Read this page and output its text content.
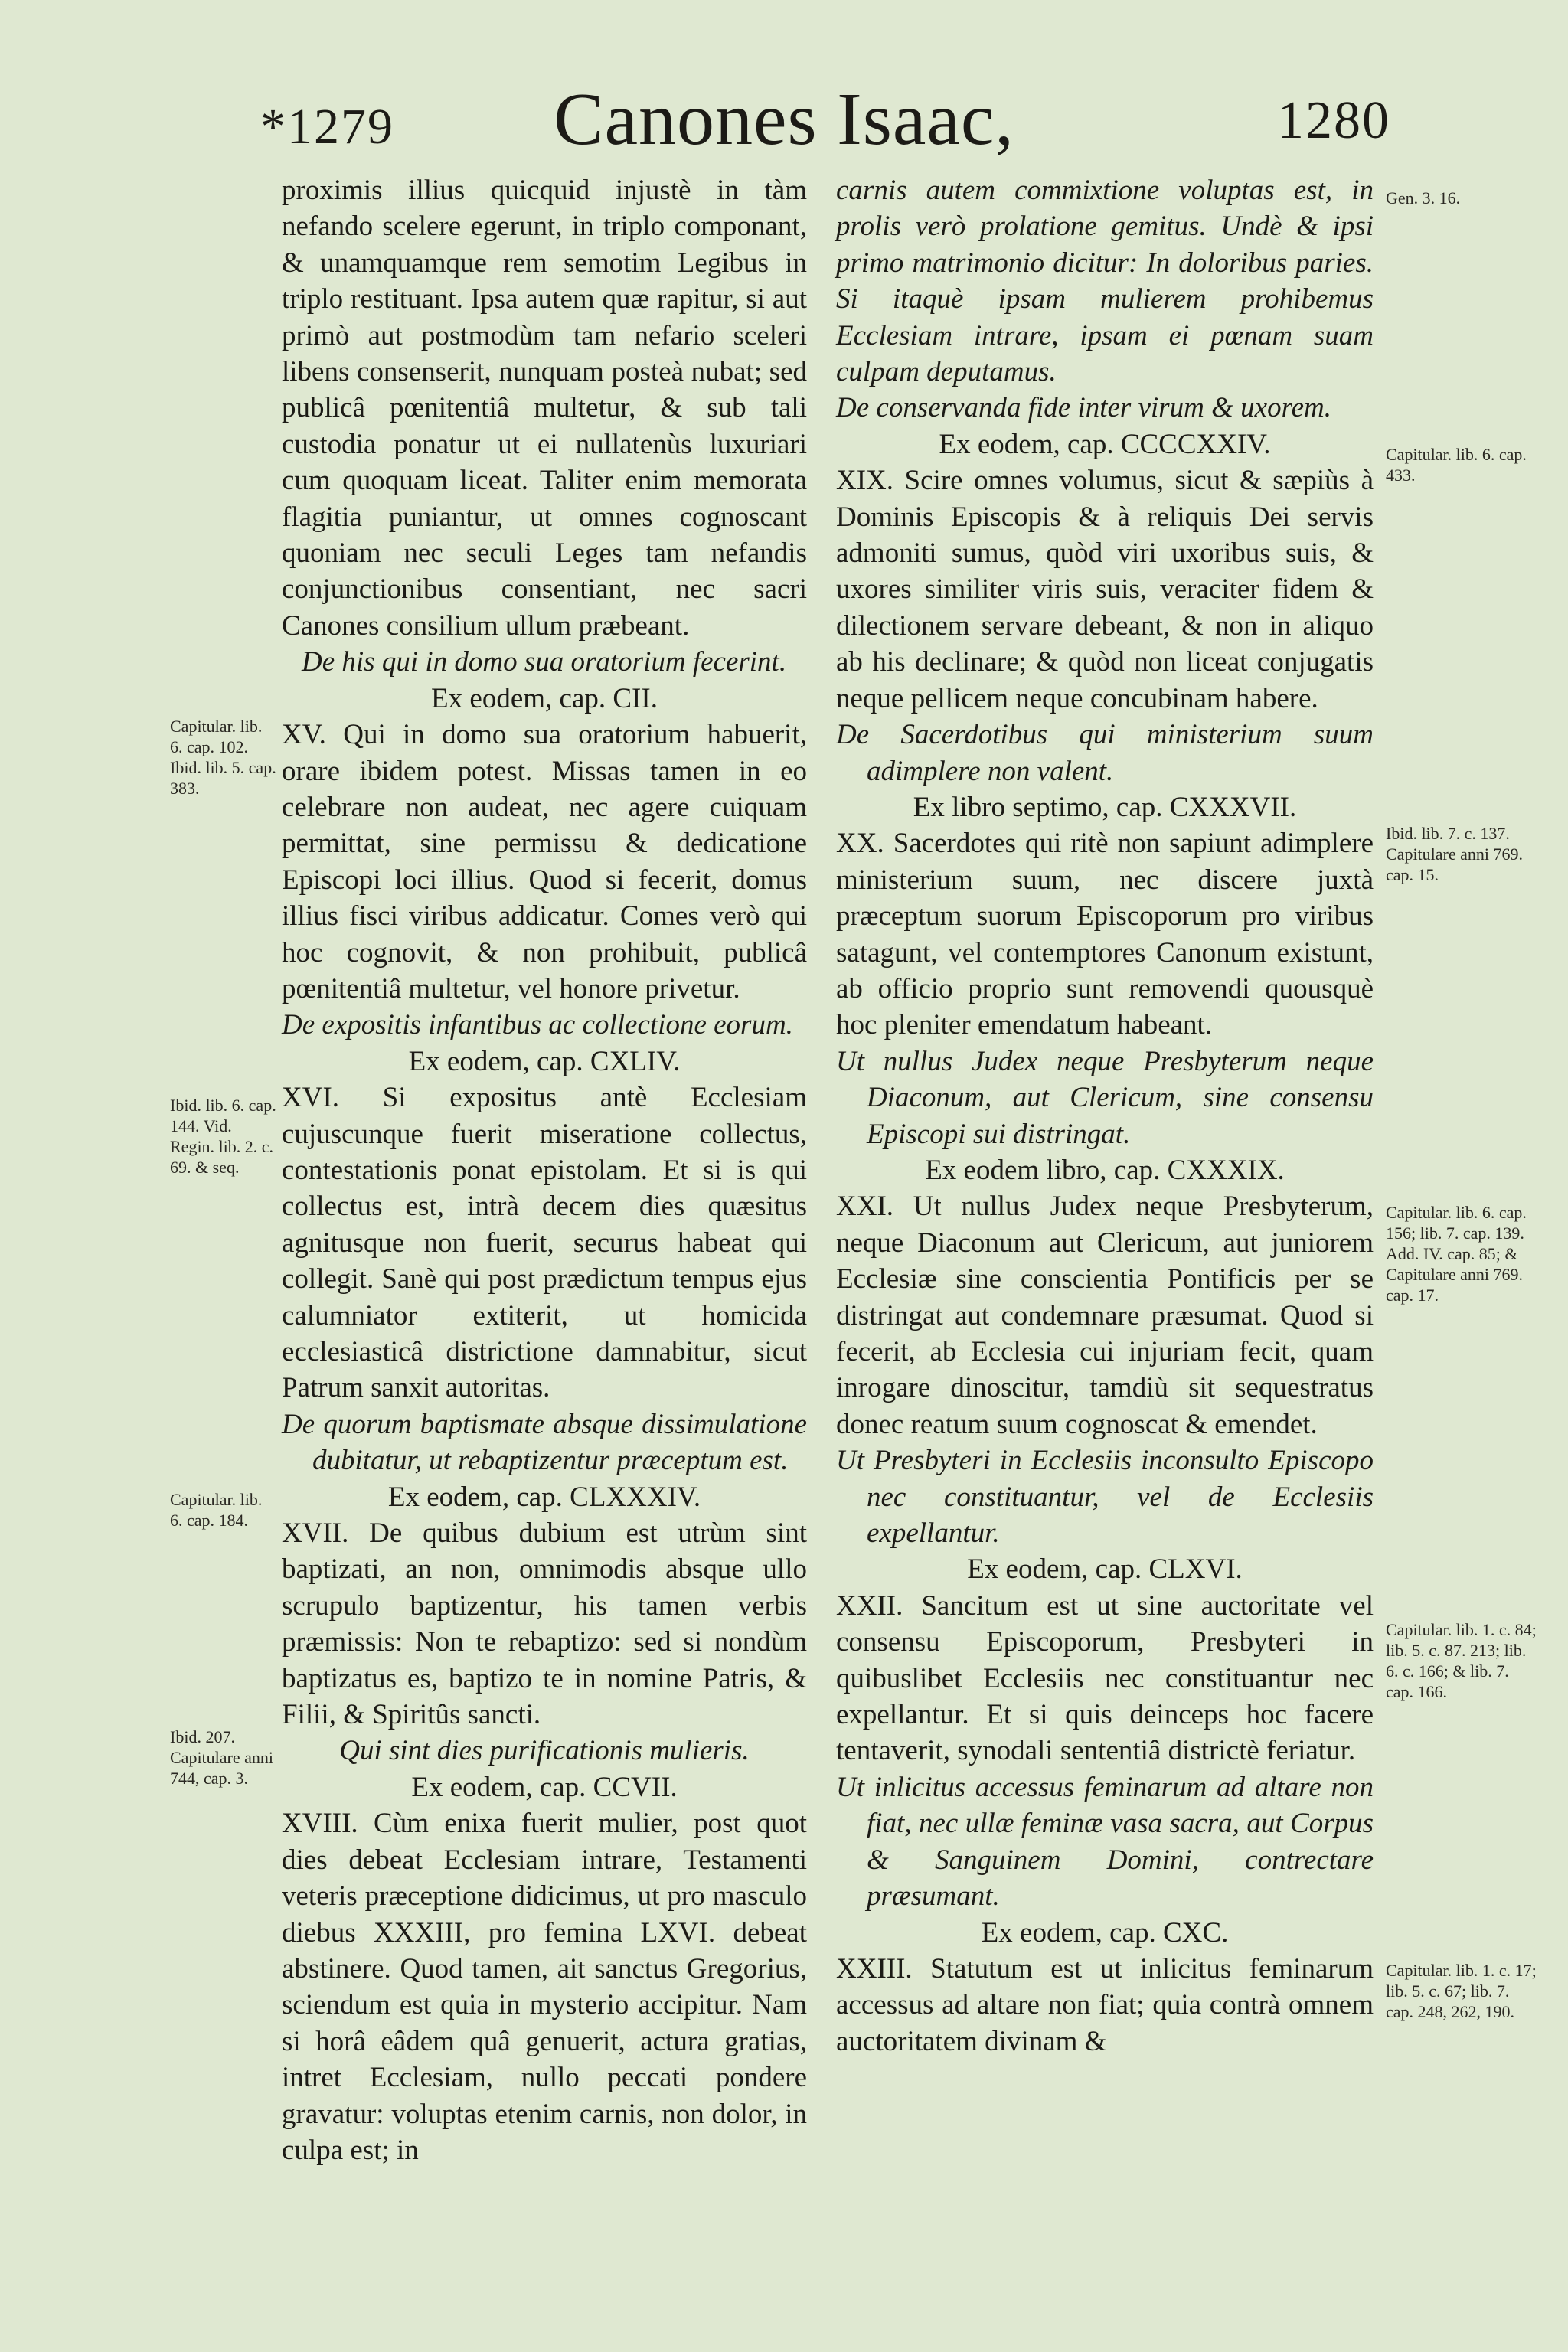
*1279	Canones Isaac,	1280

proximis illius quicquid injustè in tàm nefando scelere egerunt, in triplo componant, & unamquamque rem semotim Legibus in triplo restituant. Ipsa autem quæ rapitur, si aut primò aut postmodùm tam nefario sceleri libens consenserit, nunquam posteà nubat; sed publicâ pœnitentiâ multetur, & sub tali custodia ponatur ut ei nullatenùs luxuriari cum quoquam liceat. Taliter enim memorata flagitia puniantur, ut omnes cognoscant quoniam nec seculi Leges tam nefandis conjunctionibus consentiant, nec sacri Canones consilium ullum præbeant.

De his qui in domo sua oratorium fecerint.

Ex eodem, cap. CII.

XV. Qui in domo sua oratorium habuerit, orare ibidem potest. Missas tamen in eo celebrare non audeat, nec agere cuiquam permittat, sine permissu & dedicatione Episcopi loci illius. Quod si fecerit, domus illius fisci viribus addicatur. Comes verò qui hoc cognovit, & non prohibuit, publicâ pœnitentiâ multetur, vel honore privetur.

De expositis infantibus ac collectione eorum.

Ex eodem, cap. CXLIV.

XVI. Si expositus antè Ecclesiam cujuscunque fuerit miseratione collectus, contestationis ponat epistolam. Et si is qui collectus est, intrà decem dies quæsitus agnitusque non fuerit, securus habeat qui collegit. Sanè qui post prædictum tempus ejus calumniator extiterit, ut homicida ecclesiasticâ districtione damnabitur, sicut Patrum sanxit autoritas.

De quorum baptismate absque dissimulatione dubitatur, ut rebaptizentur præceptum est.

Ex eodem, cap. CLXXXIV.

XVII. De quibus dubium est utrùm sint baptizati, an non, omnimodis absque ullo scrupulo baptizentur, his tamen verbis præmissis: Non te rebaptizo: sed si nondùm baptizatus es, baptizo te in nomine Patris, & Filii, & Spiritûs sancti.

Qui sint dies purificationis mulieris.

Ex eodem, cap. CCVII.

XVIII. Cùm enixa fuerit mulier, post quot dies debeat Ecclesiam intrare, Testamenti veteris præceptione didicimus, ut pro masculo diebus XXXIII, pro femina LXVI. debeat abstinere. Quod tamen, ait sanctus Gregorius, sciendum est quia in mysterio accipitur. Nam si horâ eâdem quâ genuerit, actura gratias, intret Ecclesiam, nullo peccati pondere gravatur: voluptas etenim carnis, non dolor, in culpa est; in

carnis autem commixtione voluptas est, in prolis verò prolatione gemitus. Undè & ipsi primo matrimonio dicitur: In doloribus paries. Si itaquè ipsam mulierem prohibemus Ecclesiam intrare, ipsam ei pœnam suam culpam deputamus.

De conservanda fide inter virum & uxorem.

Ex eodem, cap. CCCCXXIV.

XIX. Scire omnes volumus, sicut & sæpiùs à Dominis Episcopis & à reliquis Dei servis admoniti sumus, quòd viri uxoribus suis, & uxores similiter viris suis, veraciter fidem & dilectionem servare debeant, & non in aliquo ab his declinare; & quòd non liceat conjugatis neque pellicem neque concubinam habere.

De Sacerdotibus qui ministerium suum adimplere non valent.

Ex libro septimo, cap. CXXXVII.

XX. Sacerdotes qui ritè non sapiunt adimplere ministerium suum, nec discere juxtà præceptum suorum Episcoporum pro viribus satagunt, vel contemptores Canonum existunt, ab officio proprio sunt removendi quousquè hoc pleniter emendatum habeant.

Ut nullus Judex neque Presbyterum neque Diaconum, aut Clericum, sine consensu Episcopi sui distringat.

Ex eodem libro, cap. CXXXIX.

XXI. Ut nullus Judex neque Presbyterum, neque Diaconum aut Clericum, aut juniorem Ecclesiæ sine conscientia Pontificis per se distringat aut condemnare præsumat. Quod si fecerit, ab Ecclesia cui injuriam fecit, quam inrogare dinoscitur, tamdiù sit sequestratus donec reatum suum cognoscat & emendet.

Ut Presbyteri in Ecclesiis inconsulto Episcopo nec constituantur, vel de Ecclesiis expellantur.

Ex eodem, cap. CLXVI.

XXII. Sancitum est ut sine auctoritate vel consensu Episcoporum, Presbyteri in quibuslibet Ecclesiis nec constituantur nec expellantur. Et si quis deinceps hoc facere tentaverit, synodali sententiâ districtè feriatur.

Ut inlicitus accessus feminarum ad altare non fiat, nec ullæ feminæ vasa sacra, aut Corpus & Sanguinem Domini, contrectare præsumant.

Ex eodem, cap. CXC.

XXIII. Statutum est ut inlicitus feminarum accessus ad altare non fiat; quia contrà omnem auctoritatem divinam &

Capitular. lib. 6. cap. 102. Ibid. lib. 5. cap. 383.
Ibid. lib. 6. cap. 144. Vid. Regin. lib. 2. c. 69. & seq.
Capitular. lib. 6. cap. 184.
Ibid. 207. Capitulare anni 744, cap. 3.
Gen. 3. 16.
Capitular. lib. 6. cap. 433.
Ibid. lib. 7. c. 137. Capitulare anni 769. cap. 15.
Capitular. lib. 6. cap. 156; lib. 7. cap. 139. Add. IV. cap. 85; & Capitulare anni 769. cap. 17.
Capitular. lib. 1. c. 84; lib. 5. c. 87. 213; lib. 6. c. 166; & lib. 7. cap. 166.
Capitular. lib. 1. c. 17; lib. 5. c. 67; lib. 7. cap. 248, 262, 190.
